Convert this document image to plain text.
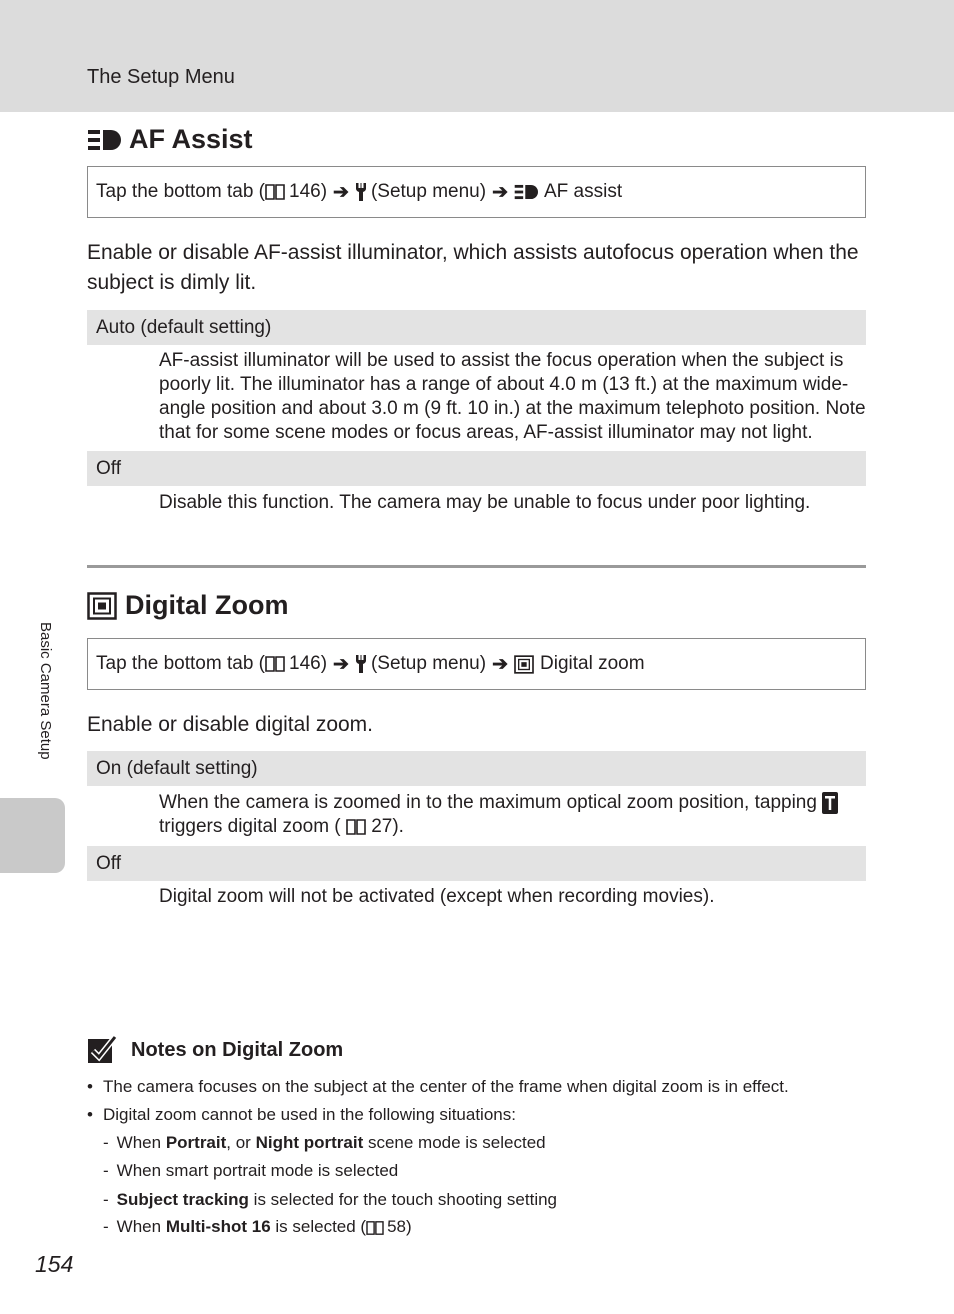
The Setup Menu
Basic Camera Setup
AF Assist
Tap the bottom tab ( 146) ➔ (Setup menu) ➔ AF assist
Enable or disable AF-assist illuminator, which assists autofocus operation when the subject is dimly lit.
Auto (default setting)
AF-assist illuminator will be used to assist the focus operation when the subject is poorly lit. The illuminator has a range of about 4.0 m (13 ft.) at the maximum wide-angle position and about 3.0 m (9 ft. 10 in.) at the maximum telephoto position. Note that for some scene modes or focus areas, AF-assist illuminator may not light.
Off
Disable this function. The camera may be unable to focus under poor lighting.
Digital Zoom
Tap the bottom tab ( 146) ➔ (Setup menu) ➔ Digital zoom
Enable or disable digital zoom.
On (default setting)
When the camera is zoomed in to the maximum optical zoom position, tapping
triggers digital zoom ( 27).
Off
Digital zoom will not be activated (except when recording movies).
Notes on Digital Zoom
• The camera focuses on the subject at the center of the frame when digital zoom is in effect.
• Digital zoom cannot be used in the following situations:
- When Portrait, or Night portrait scene mode is selected
- When smart portrait mode is selected
- Subject tracking is selected for the touch shooting setting
- When Multi-shot 16 is selected ( 58)
154
